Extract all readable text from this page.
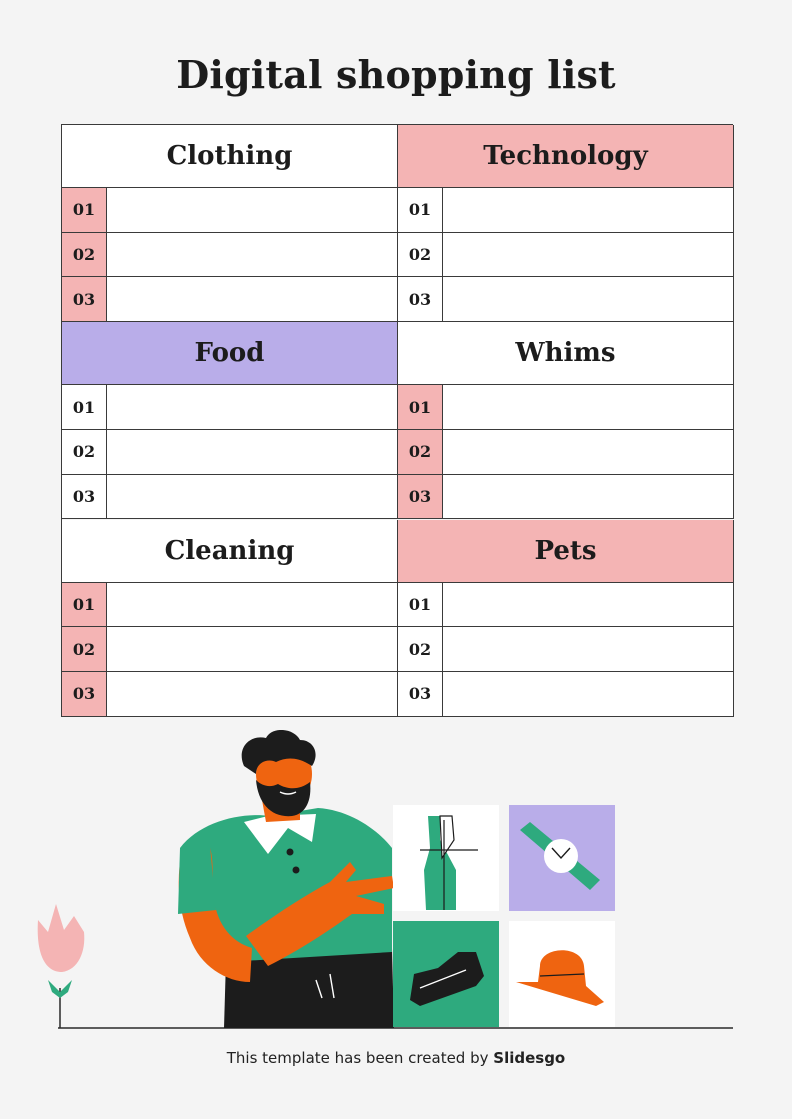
Digital shopping list
Clothing
01
02
03
Technology
01
02
03
Food
01
02
03
Whims
01
02
03
Cleaning
01
02
03
Pets
01
02
03
This template has been created by Slidesgo
